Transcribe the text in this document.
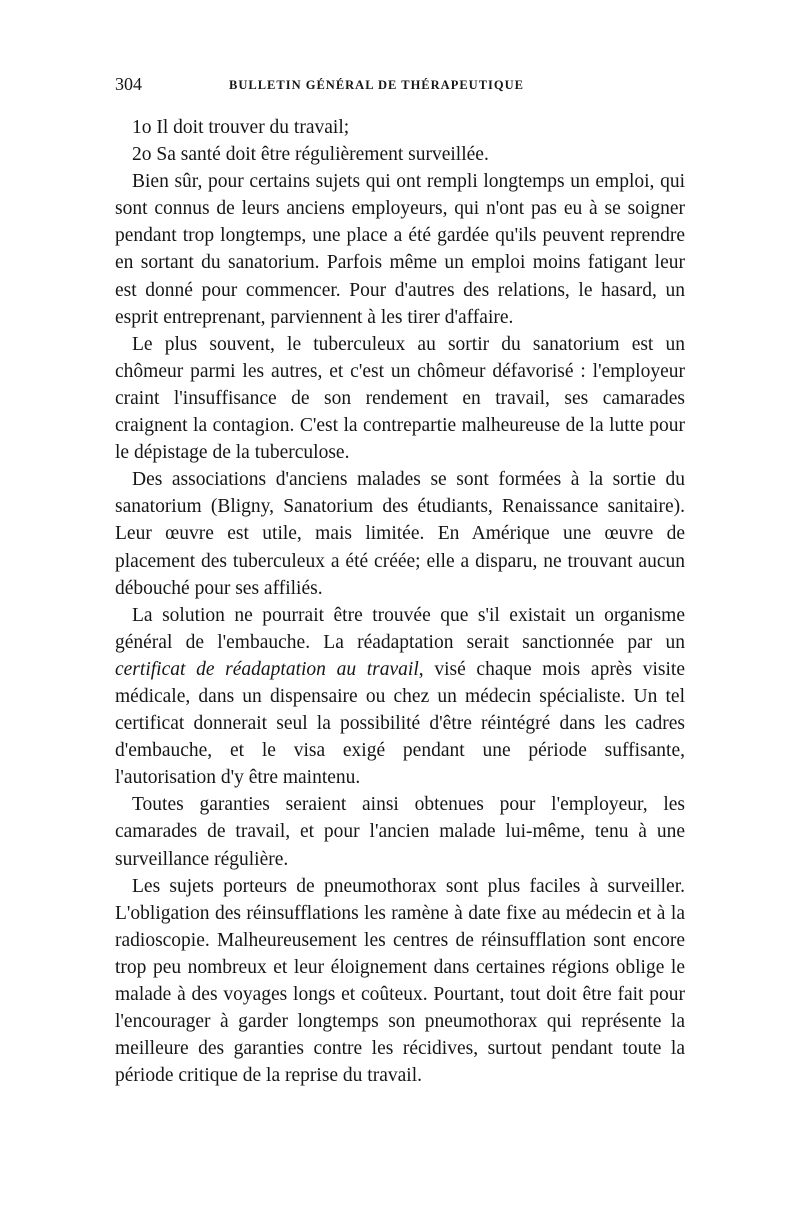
304	BULLETIN GÉNÉRAL DE THÉRAPEUTIQUE

1o Il doit trouver du travail;

2o Sa santé doit être régulièrement surveillée.

Bien sûr, pour certains sujets qui ont rempli longtemps un emploi, qui sont connus de leurs anciens employeurs, qui n'ont pas eu à se soigner pendant trop longtemps, une place a été gardée qu'ils peuvent reprendre en sortant du sanatorium. Parfois même un emploi moins fatigant leur est donné pour commencer. Pour d'autres des relations, le hasard, un esprit entreprenant, parviennent à les tirer d'affaire.

Le plus souvent, le tuberculeux au sortir du sanatorium est un chômeur parmi les autres, et c'est un chômeur défavorisé : l'employeur craint l'insuffisance de son rendement en travail, ses camarades craignent la contagion. C'est la contrepartie malheureuse de la lutte pour le dépistage de la tuberculose.

Des associations d'anciens malades se sont formées à la sortie du sanatorium (Bligny, Sanatorium des étudiants, Renaissance sanitaire). Leur œuvre est utile, mais limitée. En Amérique une œuvre de placement des tuberculeux a été créée; elle a disparu, ne trouvant aucun débouché pour ses affiliés.

La solution ne pourrait être trouvée que s'il existait un organisme général de l'embauche. La réadaptation serait sanctionnée par un certificat de réadaptation au travail, visé chaque mois après visite médicale, dans un dispensaire ou chez un médecin spécialiste. Un tel certificat donnerait seul la possibilité d'être réintégré dans les cadres d'embauche, et le visa exigé pendant une période suffisante, l'autorisation d'y être maintenu.

Toutes garanties seraient ainsi obtenues pour l'employeur, les camarades de travail, et pour l'ancien malade lui-même, tenu à une surveillance régulière.

Les sujets porteurs de pneumothorax sont plus faciles à surveiller. L'obligation des réinsufflations les ramène à date fixe au médecin et à la radioscopie. Malheureusement les centres de réinsufflation sont encore trop peu nombreux et leur éloignement dans certaines régions oblige le malade à des voyages longs et coûteux. Pourtant, tout doit être fait pour l'encourager à garder longtemps son pneumothorax qui représente la meilleure des garanties contre les récidives, surtout pendant toute la période critique de la reprise du travail.
